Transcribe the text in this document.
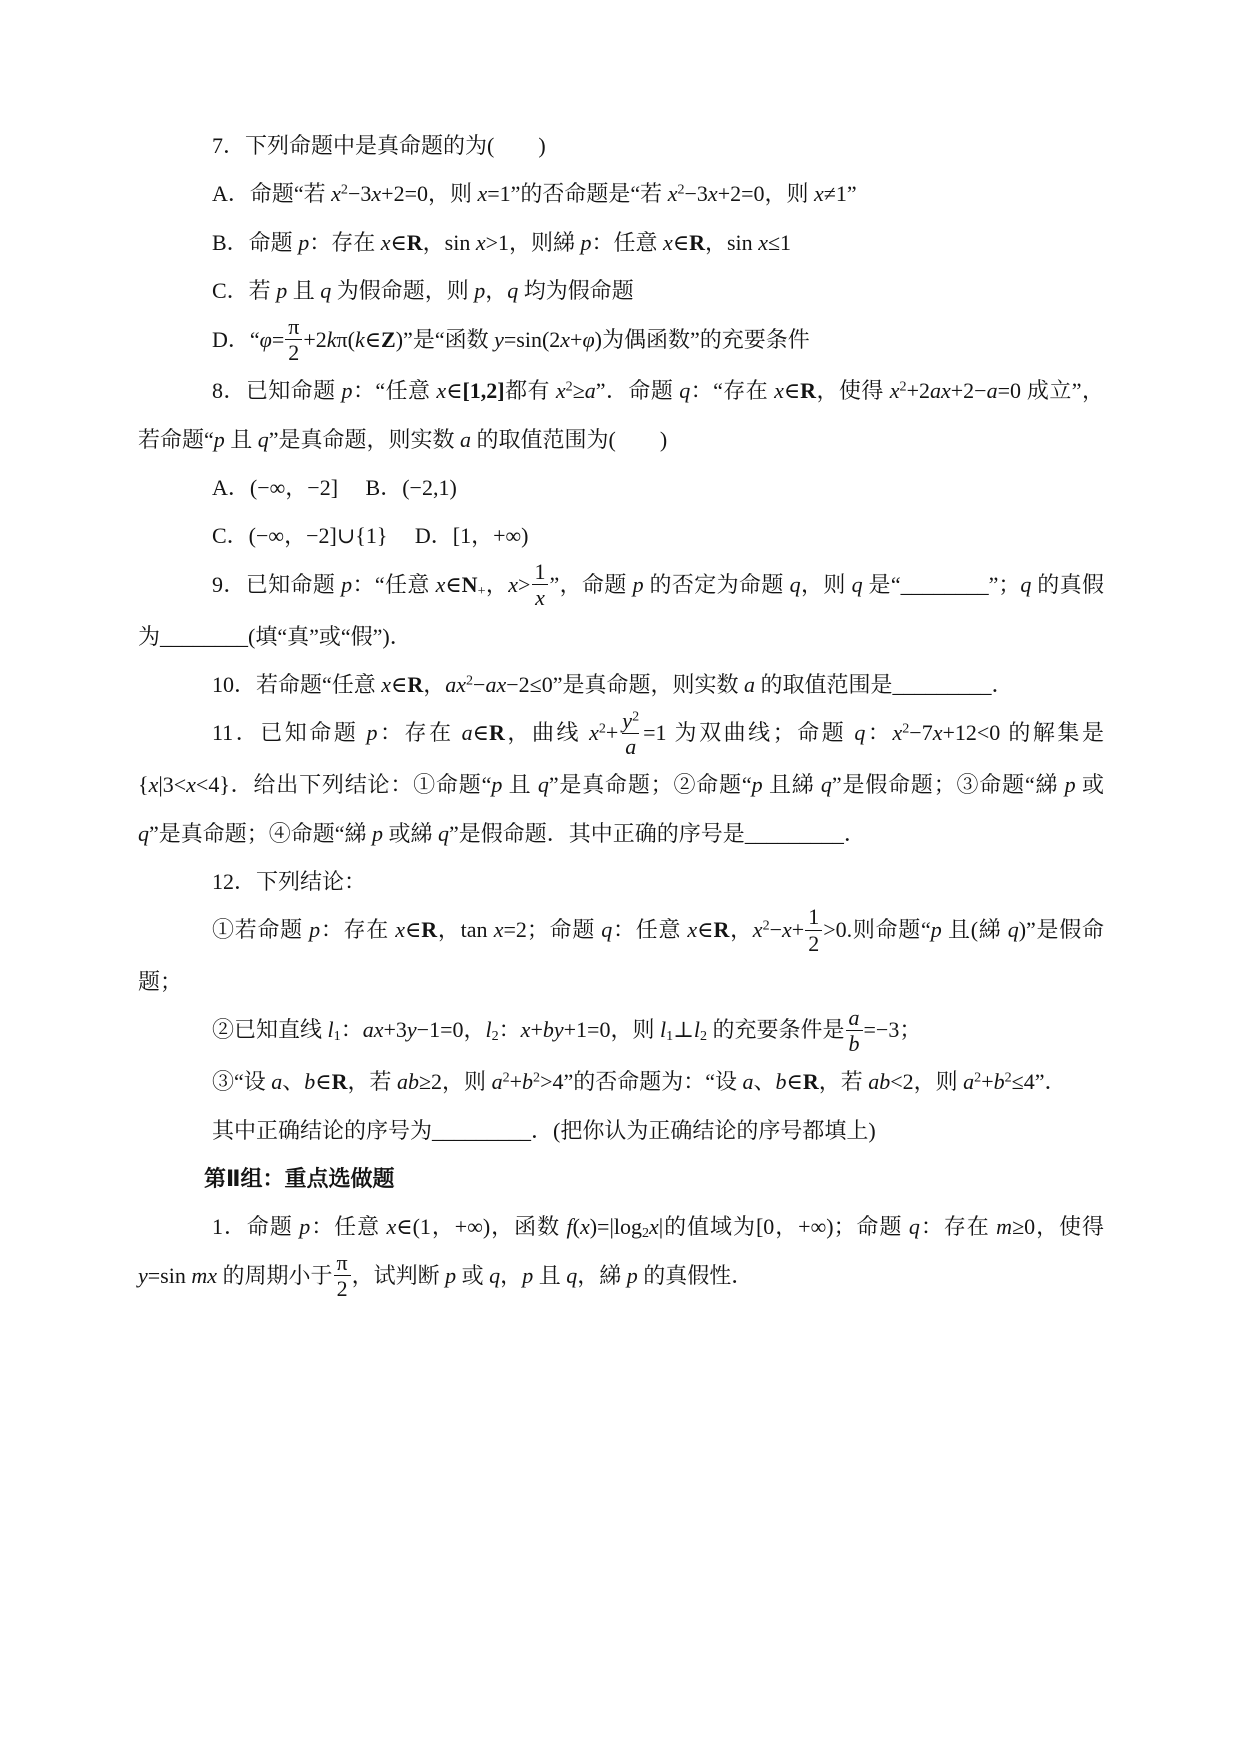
7．下列命题中是真命题的为(　　)

A．命题“若 $x^2-3x+2=0$，则 x=1”的否命题是“若 $x^2-3x+2=0$，则 x≠1”

B．命题 p：存在 x∈R，sin x>1，则綈 p：任意 x∈R，sin x≤1

C．若 p 且 q 为假命题，则 p，q 均为假命题

D．“$\varphi= \frac{\pi}{2}$ +2kπ(k∈Z)”是“函数 y=sin(2x+φ)为偶函数”的充要条件

8．已知命题 p：“任意 x∈[1,2]都有 $x^2\ge a$”．命题 q：“存在 x∈R，使得 $x^2+2ax+2-a=0$ 成立”，若命题“p 且 q”是真命题，则实数 a 的取值范围为(　　)

A．(−∞，−2]　 B．(−2,1)

C．(−∞，−2]∪{1}　 D．[1，+∞)

9．已知命题 p：“任意 x∈N+，$x> \frac{1}{x}$ ”，命题 p 的否定为命题 q，则 q 是“________”；q 的真假为________(填“真”或“假”)．

10．若命题“任意 x∈R，$ax^2-ax-2\le 0$”是真命题，则实数 a 的取值范围是_________．

11．已知命题 p：存在 a∈R，曲线 $x^2+ \frac{y^2}{a} =1$ 为双曲线；命题 q：$x^2-7x+12<0$ 的解集是{x|3<x<4}．给出下列结论：①命题“p 且 q”是真命题；②命题“p 且綈 q”是假命题；③命题“綈 p 或 q”是真命题；④命题“綈 p 或綈 q”是假命题．其中正确的序号是_________．

12．下列结论：

①若命题 p：存在 x∈R，tan x=2；命题 q：任意 x∈R，$x^2-x+ \frac{1}{2} >0$.则命题“p 且(綈 q)”是假命题；

②已知直线 l1：ax+3y−1=0，l2：x+by+1=0，则 l1⊥l2 的充要条件是 $\frac{a}{b} =-3$；

③“设 a、b∈R，若 ab≥2，则 $a^2+b^2>4$”的否命题为：“设 a、b∈R，若 ab<2，则 $a^2+b^2\le 4$”．

其中正确结论的序号为_________．(把你认为正确结论的序号都填上)

第Ⅱ组：重点选做题

1．命题 p：任意 x∈(1，+∞)，函数 f(x)=|log2x|的值域为[0，+∞)；命题 q：存在 m≥0，使得 y=sin mx 的周期小于 $\frac{\pi}{2}$ ，试判断 p 或 q，p 且 q，綈 p 的真假性．
